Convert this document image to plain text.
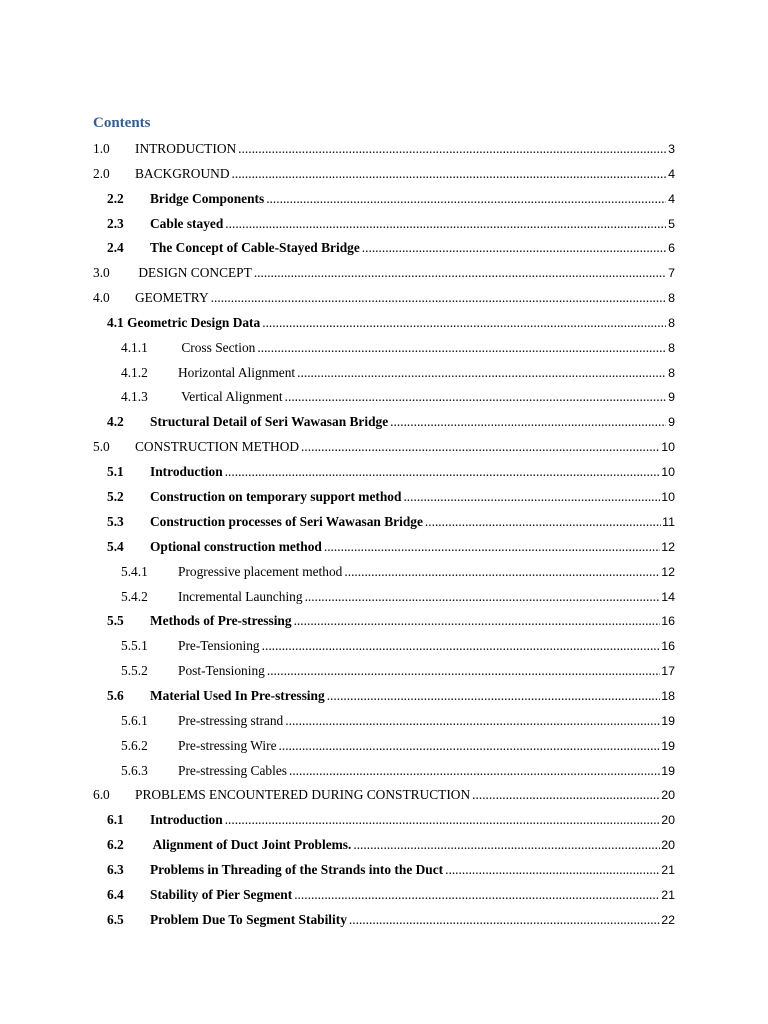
Contents
1.0	INTRODUCTION .....	3
2.0	BACKGROUND .....	4
2.2	Bridge Components .....	4
2.3	Cable stayed .....	5
2.4	The Concept of Cable-Stayed Bridge .....	6
3.0	DESIGN CONCEPT .....	7
4.0	GEOMETRY .....	8
4.1 Geometric Design Data .....	8
4.1.1	Cross Section .....	8
4.1.2	Horizontal Alignment .....	8
4.1.3	Vertical Alignment .....	9
4.2	Structural Detail of Seri Wawasan Bridge .....	9
5.0	CONSTRUCTION METHOD .....	10
5.1	Introduction .....	10
5.2	Construction on temporary support method .....	10
5.3	Construction processes of Seri Wawasan Bridge .....	11
5.4	Optional construction method .....	12
5.4.1	Progressive placement method .....	12
5.4.2	Incremental Launching .....	14
5.5	Methods of Pre-stressing .....	16
5.5.1	Pre-Tensioning .....	16
5.5.2	Post-Tensioning .....	17
5.6	Material Used In Pre-stressing .....	18
5.6.1	Pre-stressing strand .....	19
5.6.2	Pre-stressing Wire .....	19
5.6.3	Pre-stressing Cables .....	19
6.0	PROBLEMS ENCOUNTERED DURING CONSTRUCTION .....	20
6.1	Introduction .....	20
6.2	Alignment of Duct Joint Problems. .....	20
6.3	Problems in Threading of the Strands into the Duct .....	21
6.4	Stability of Pier Segment .....	21
6.5	Problem Due To Segment Stability .....	22
